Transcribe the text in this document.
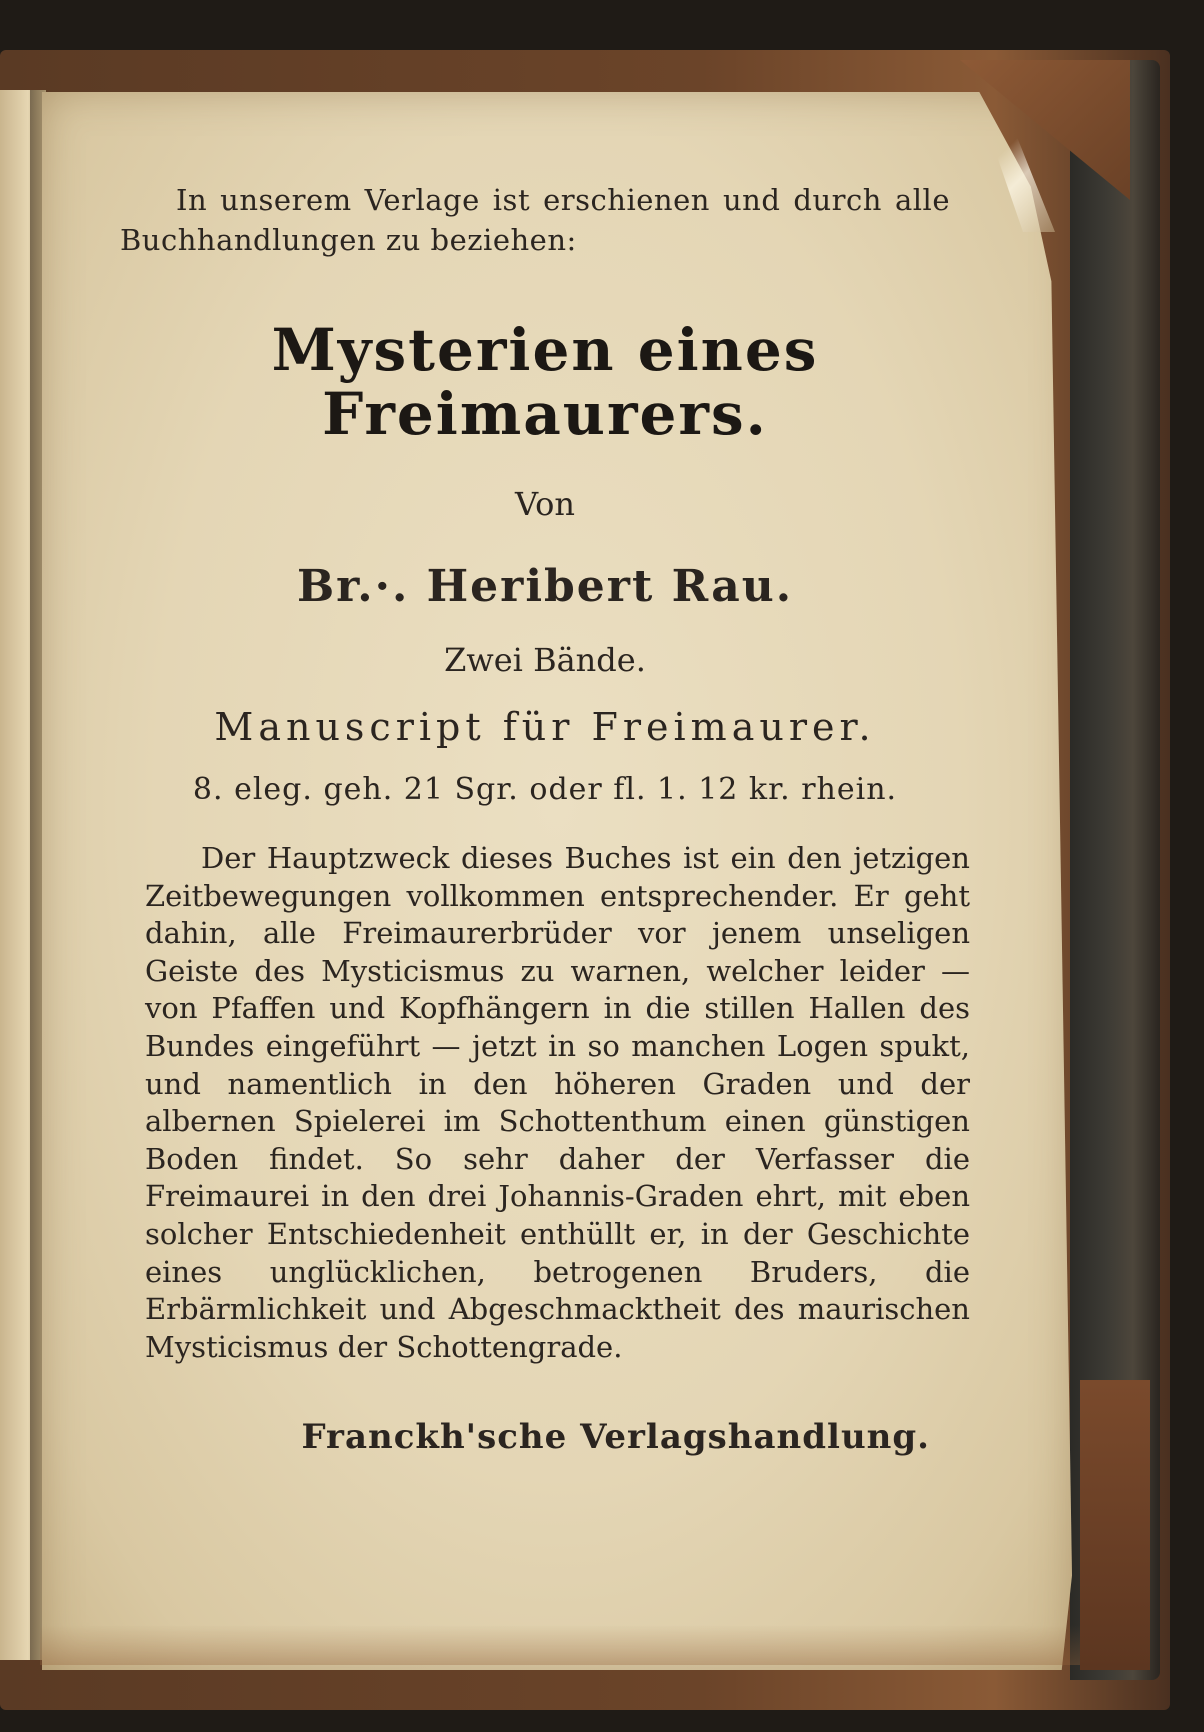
In unserem Verlage ist erschienen und durch alle Buchhandlungen zu beziehen:

Mysterien eines Freimaurers.
Von
Br.·. Heribert Rau.
Zwei Bände.
Manuscript für Freimaurer.
8. eleg. geh. 21 Sgr. oder fl. 1. 12 kr. rhein.

Der Hauptzweck dieses Buches ist ein den jetzigen Zeitbewegungen vollkommen entsprechender. Er geht dahin, alle Freimaurerbrüder vor jenem unseligen Geiste des Mysticismus zu warnen, welcher leider — von Pfaffen und Kopfhängern in die stillen Hallen des Bundes eingeführt — jetzt in so manchen Logen spukt, und namentlich in den höheren Graden und der albernen Spielerei im Schottenthum einen günstigen Boden findet. So sehr daher der Verfasser die Freimaurei in den drei Johannis-Graden ehrt, mit eben solcher Entschiedenheit enthüllt er, in der Geschichte eines unglücklichen, betrogenen Bruders, die Erbärmlichkeit und Abgeschmacktheit des maurischen Mysticismus der Schottengrade.

Franckh'sche Verlagshandlung.
